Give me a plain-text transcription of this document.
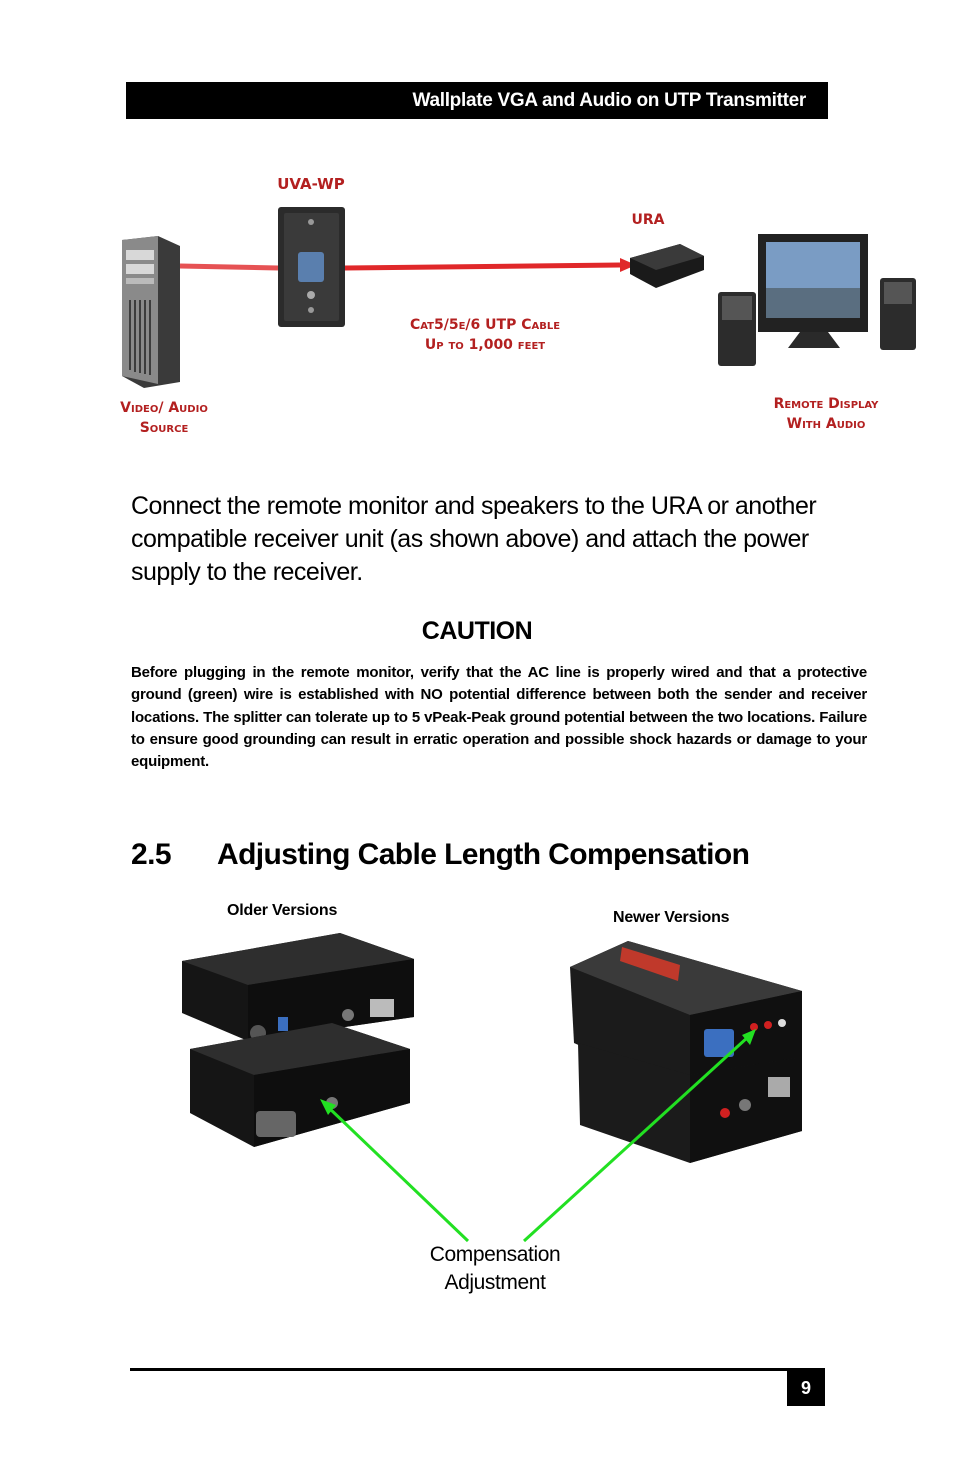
Wallplate VGA and Audio on UTP Transmitter
UVA-WP
URA
Cat5/5e/6 UTP Cable
Up to 1,000 feet
Video/ Audio
Source
Remote Display
With Audio
Connect the remote monitor and speakers to the URA or another compatible receiver unit (as shown above) and attach the power supply to the receiver.
CAUTION
Before plugging in the remote monitor, verify that the AC line is properly wired and that a protective ground (green) wire is established with NO potential difference between both the sender and receiver locations. The splitter can tolerate up to 5 vPeak-Peak ground potential between the two locations. Failure to ensure good grounding can result in erratic operation and possible shock hazards or damage to your equipment.
2.5	Adjusting Cable Length Compensation
Older Versions	Newer Versions
Compensation
Adjustment
9
